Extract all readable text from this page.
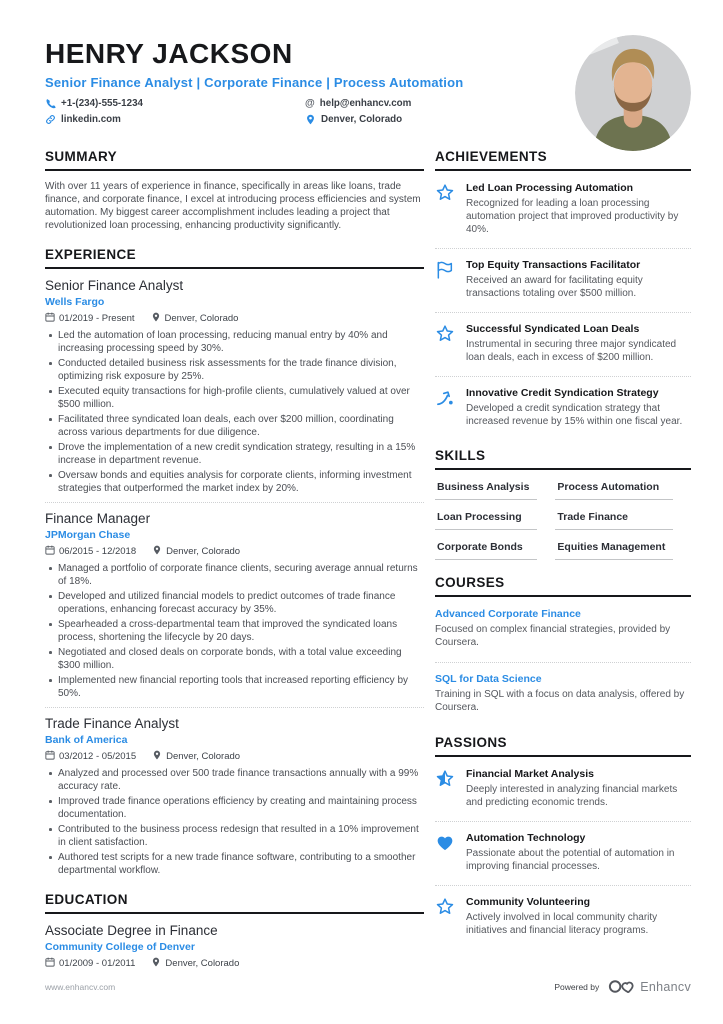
HENRY JACKSON
Senior Finance Analyst | Corporate Finance | Process Automation
+1-(234)-555-1234	@ help@enhancv.com
linkedin.com	Denver, Colorado
SUMMARY
With over 11 years of experience in finance, specifically in areas like loans, trade finance, and corporate finance, I excel at introducing process efficiencies and system automation. My biggest career accomplishment includes leading a project that revolutionized loan processing, enhancing productivity significantly.
EXPERIENCE
Senior Finance Analyst
Wells Fargo
01/2019 - Present	Denver, Colorado
Led the automation of loan processing, reducing manual entry by 40% and increasing processing speed by 30%.
Conducted detailed business risk assessments for the trade finance division, optimizing risk exposure by 25%.
Executed equity transactions for high-profile clients, cumulatively valued at over $500 million.
Facilitated three syndicated loan deals, each over $200 million, coordinating across various departments for due diligence.
Drove the implementation of a new credit syndication strategy, resulting in a 15% increase in department revenue.
Oversaw bonds and equities analysis for corporate clients, informing investment strategies that outperformed the market index by 20%.
Finance Manager
JPMorgan Chase
06/2015 - 12/2018	Denver, Colorado
Managed a portfolio of corporate finance clients, securing average annual returns of 18%.
Developed and utilized financial models to predict outcomes of trade finance operations, enhancing forecast accuracy by 35%.
Spearheaded a cross-departmental team that improved the syndicated loans process, shortening the lifecycle by 20 days.
Negotiated and closed deals on corporate bonds, with a total value exceeding $300 million.
Implemented new financial reporting tools that increased reporting efficiency by 50%.
Trade Finance Analyst
Bank of America
03/2012 - 05/2015	Denver, Colorado
Analyzed and processed over 500 trade finance transactions annually with a 99% accuracy rate.
Improved trade finance operations efficiency by creating and maintaining process documentation.
Contributed to the business process redesign that resulted in a 10% improvement in client satisfaction.
Authored test scripts for a new trade finance software, contributing to a smoother departmental workflow.
EDUCATION
Associate Degree in Finance
Community College of Denver
01/2009 - 01/2011	Denver, Colorado
ACHIEVEMENTS
Led Loan Processing Automation
Recognized for leading a loan processing automation project that improved productivity by 40%.
Top Equity Transactions Facilitator
Received an award for facilitating equity transactions totaling over $500 million.
Successful Syndicated Loan Deals
Instrumental in securing three major syndicated loan deals, each in excess of $200 million.
Innovative Credit Syndication Strategy
Developed a credit syndication strategy that increased revenue by 15% within one fiscal year.
SKILLS
Business Analysis	Process Automation
Loan Processing	Trade Finance
Corporate Bonds	Equities Management
COURSES
Advanced Corporate Finance
Focused on complex financial strategies, provided by Coursera.
SQL for Data Science
Training in SQL with a focus on data analysis, offered by Coursera.
PASSIONS
Financial Market Analysis
Deeply interested in analyzing financial markets and predicting economic trends.
Automation Technology
Passionate about the potential of automation in improving financial processes.
Community Volunteering
Actively involved in local community charity initiatives and financial literacy programs.
www.enhancv.com	Powered by	Enhancv
